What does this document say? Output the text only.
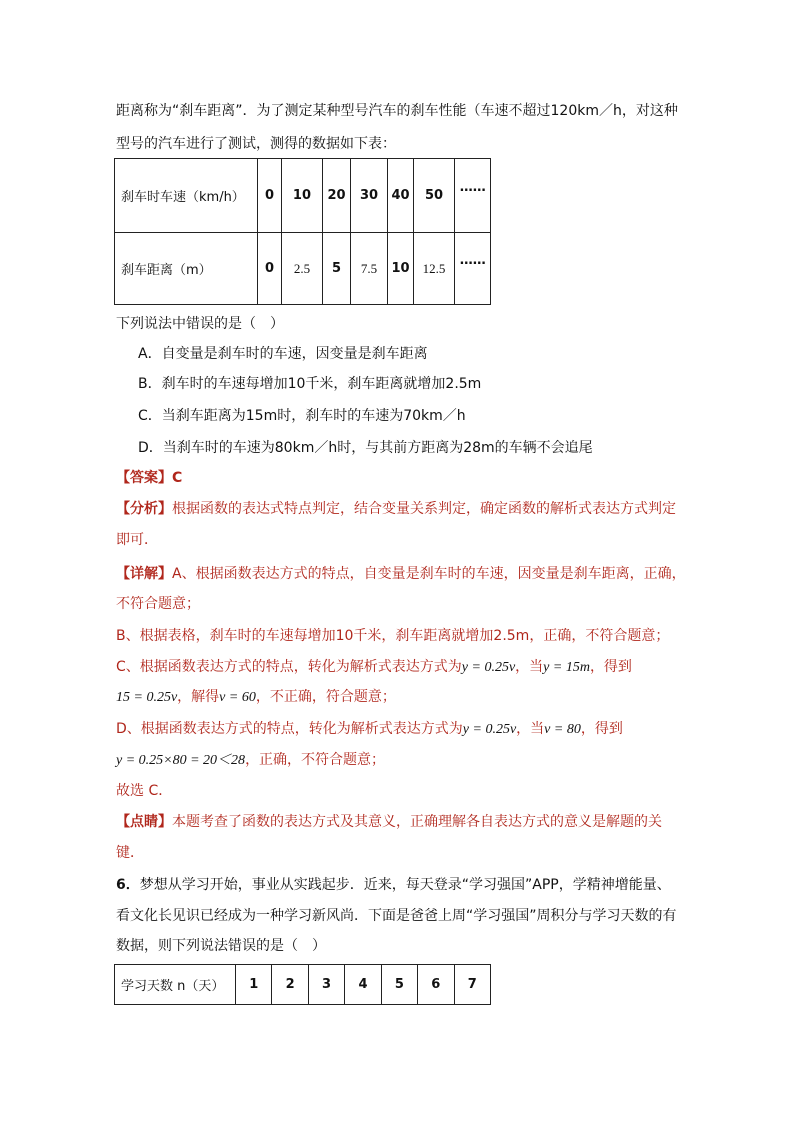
距离称为“刹车距离”．为了测定某种型号汽车的刹车性能（车速不超过120km／h，对这种
型号的汽车进行了测试，测得的数据如下表：
刹车时车速（km/h）	0	10	20	30	40	50	……
刹车距离（m）	0	2.5	5	7.5	10	12.5	……
下列说法中错误的是（　）
A．自变量是刹车时的车速，因变量是刹车距离
B．刹车时的车速每增加10千米，刹车距离就增加2.5m
C．当刹车距离为15m时，刹车时的车速为70km／h
D．当刹车时的车速为80km／h时，与其前方距离为28m的车辆不会追尾
【答案】C
【分析】根据函数的表达式特点判定，结合变量关系判定，确定函数的解析式表达方式判定
即可．
【详解】A、根据函数表达方式的特点，自变量是刹车时的车速，因变量是刹车距离，正确，
不符合题意；
B、根据表格，刹车时的车速每增加10千米，刹车距离就增加2.5m，正确，不符合题意；
C、根据函数表达方式的特点，转化为解析式表达方式为y = 0.25v，当y = 15m，得到
15 = 0.25v，解得v = 60，不正确，符合题意；
D、根据函数表达方式的特点，转化为解析式表达方式为y = 0.25v，当v = 80，得到
y = 0.25×80 = 20＜28，正确，不符合题意；
故选 C．
【点睛】本题考查了函数的表达方式及其意义，正确理解各自表达方式的意义是解题的关
键．
6．梦想从学习开始，事业从实践起步．近来，每天登录“学习强国”APP，学精神增能量、
看文化长见识已经成为一种学习新风尚．下面是爸爸上周“学习强国”周积分与学习天数的有
数据，则下列说法错误的是（　）
学习天数 n（天）	1	2	3	4	5	6	7
